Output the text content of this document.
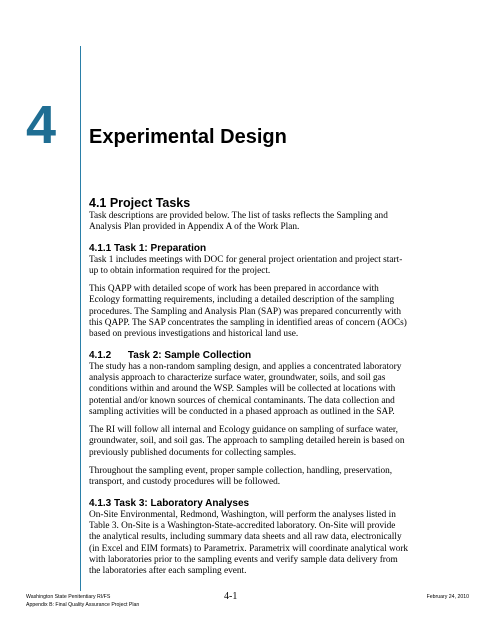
4	Experimental Design
4.1 Project Tasks

Task descriptions are provided below. The list of tasks reflects the Sampling and Analysis Plan provided in Appendix A of the Work Plan.

4.1.1 Task 1: Preparation

Task 1 includes meetings with DOC for general project orientation and project start-up to obtain information required for the project.

This QAPP with detailed scope of work has been prepared in accordance with Ecology formatting requirements, including a detailed description of the sampling procedures. The Sampling and Analysis Plan (SAP) was prepared concurrently with this QAPP. The SAP concentrates the sampling in identified areas of concern (AOCs) based on previous investigations and historical land use.

4.1.2      Task 2: Sample Collection

The study has a non-random sampling design, and applies a concentrated laboratory analysis approach to characterize surface water, groundwater, soils, and soil gas conditions within and around the WSP. Samples will be collected at locations with potential and/or known sources of chemical contaminants. The data collection and sampling activities will be conducted in a phased approach as outlined in the SAP.

The RI will follow all internal and Ecology guidance on sampling of surface water, groundwater, soil, and soil gas. The approach to sampling detailed herein is based on previously published documents for collecting samples.

Throughout the sampling event, proper sample collection, handling, preservation, transport, and custody procedures will be followed.

4.1.3 Task 3: Laboratory Analyses

On-Site Environmental, Redmond, Washington, will perform the analyses listed in Table 3. On-Site is a Washington-State-accredited laboratory. On-Site will provide the analytical results, including summary data sheets and all raw data, electronically (in Excel and EIM formats) to Parametrix. Parametrix will coordinate analytical work with laboratories prior to the sampling events and verify sample data delivery from the laboratories after each sampling event.

Washington State Penitentiary RI/FS
Appendix B: Final Quality Assurance Project Plan
4-1	February 24, 2010
